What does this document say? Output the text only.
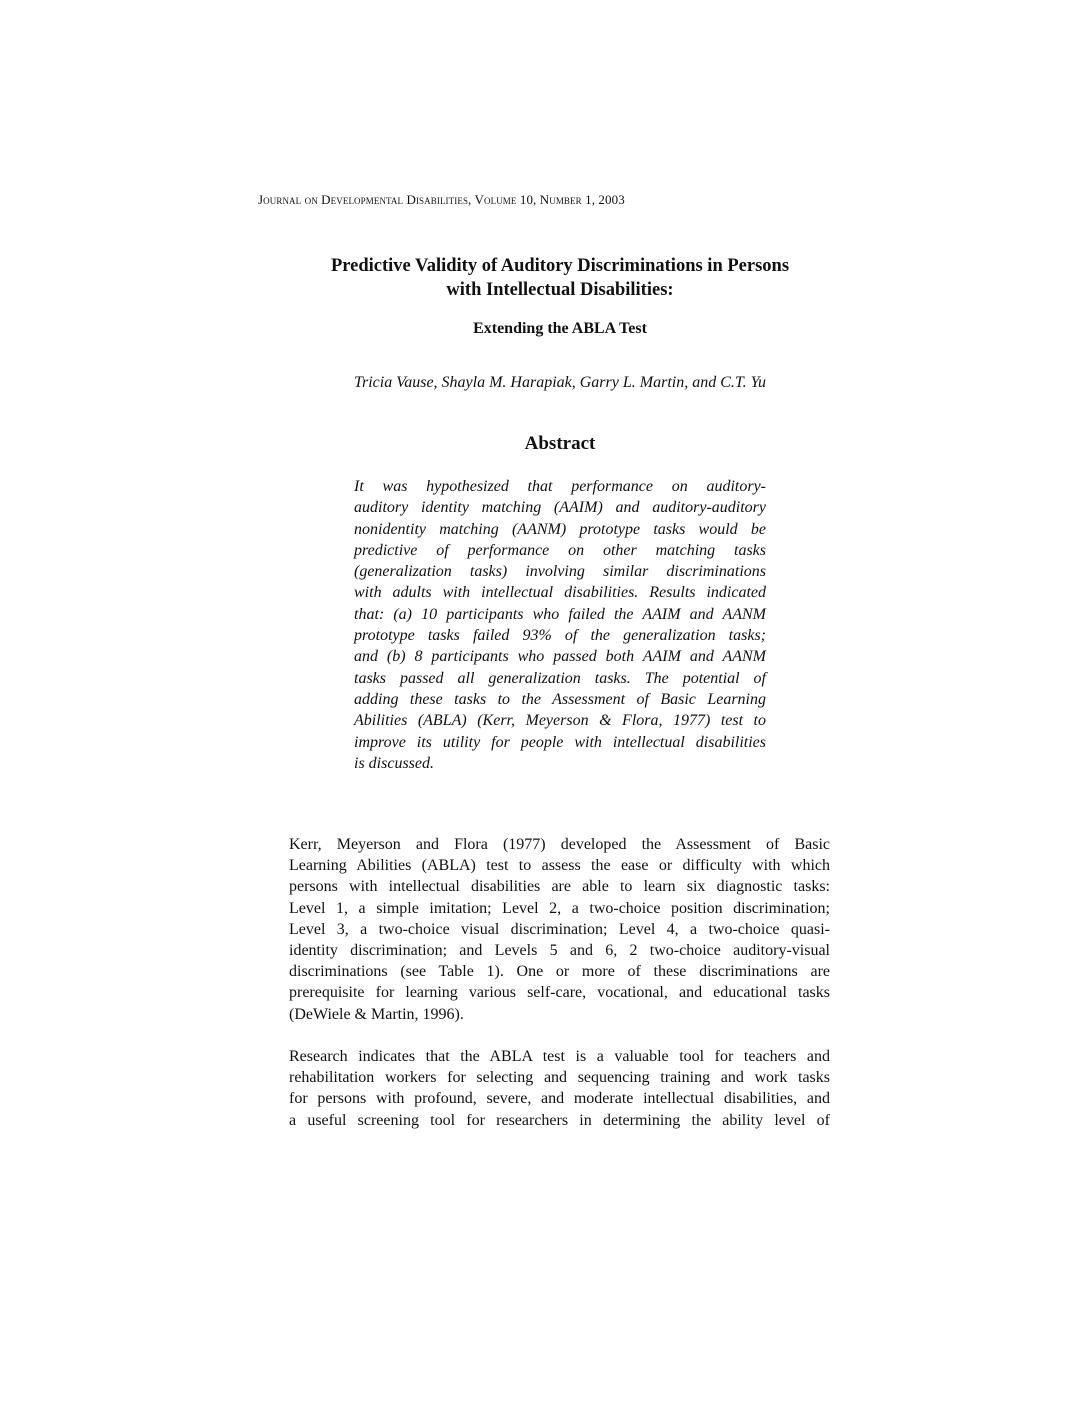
Journal on Developmental Disabilities, Volume 10, Number 1, 2003
Predictive Validity of Auditory Discriminations in Persons
with Intellectual Disabilities:
Extending the ABLA Test
Tricia Vause, Shayla M. Harapiak, Garry L. Martin, and C.T. Yu
Abstract
It was hypothesized that performance on auditory-
auditory identity matching (AAIM) and auditory-auditory
nonidentity matching (AANM) prototype tasks would be
predictive of performance on other matching tasks
(generalization tasks) involving similar discriminations
with adults with intellectual disabilities. Results indicated
that: (a) 10 participants who failed the AAIM and AANM
prototype tasks failed 93% of the generalization tasks;
and (b) 8 participants who passed both AAIM and AANM
tasks passed all generalization tasks. The potential of
adding these tasks to the Assessment of Basic Learning
Abilities (ABLA) (Kerr, Meyerson & Flora, 1977) test to
improve its utility for people with intellectual disabilities
is discussed.
Kerr, Meyerson and Flora (1977) developed the Assessment of Basic
Learning Abilities (ABLA) test to assess the ease or difficulty with which
persons with intellectual disabilities are able to learn six diagnostic tasks:
Level 1, a simple imitation; Level 2, a two-choice position discrimination;
Level 3, a two-choice visual discrimination; Level 4, a two-choice quasi-
identity discrimination; and Levels 5 and 6, 2 two-choice auditory-visual
discriminations (see Table 1). One or more of these discriminations are
prerequisite for learning various self-care, vocational, and educational tasks
(DeWiele & Martin, 1996).
Research indicates that the ABLA test is a valuable tool for teachers and
rehabilitation workers for selecting and sequencing training and work tasks
for persons with profound, severe, and moderate intellectual disabilities, and
a useful screening tool for researchers in determining the ability level of
